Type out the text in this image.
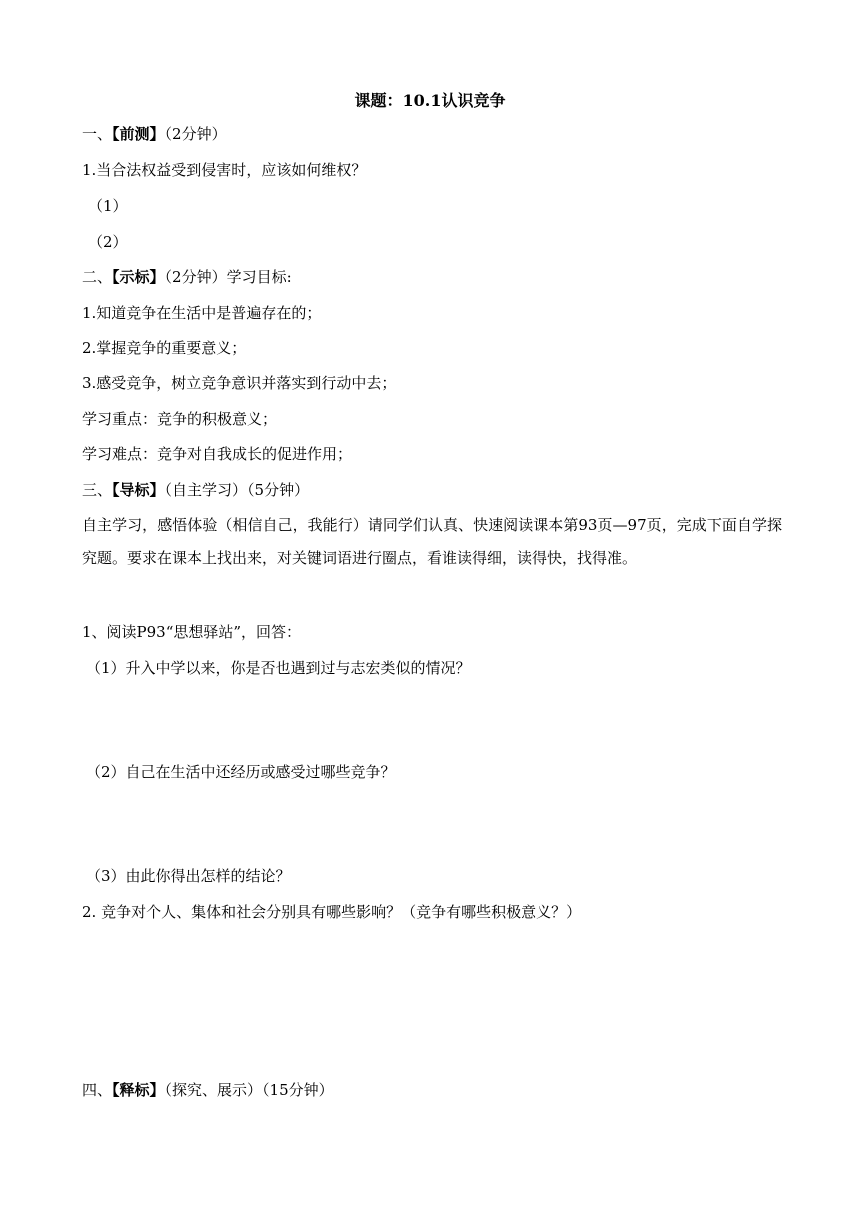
课题：10.1认识竞争
一、【前测】（2分钟）
1.当合法权益受到侵害时，应该如何维权？
（1）
（2）
二、【示标】（2分钟）学习目标:
1.知道竞争在生活中是普遍存在的；
2.掌握竞争的重要意义；
3.感受竞争，树立竞争意识并落实到行动中去；
学习重点：竞争的积极意义；
学习难点：竞争对自我成长的促进作用；
三、【导标】（自主学习）（5分钟）
自主学习，感悟体验（相信自己，我能行）请同学们认真、快速阅读课本第93页—97页，完成下面自学探究题。要求在课本上找出来，对关键词语进行圈点，看谁读得细，读得快，找得准。
1、阅读P93“思想驿站”，回答：
（1）升入中学以来，你是否也遇到过与志宏类似的情况？
（2）自己在生活中还经历或感受过哪些竞争？
（3）由此你得出怎样的结论？
2. 竞争对个人、集体和社会分别具有哪些影响？（竞争有哪些积极意义？）
四、【释标】（探究、展示）（15分钟）
